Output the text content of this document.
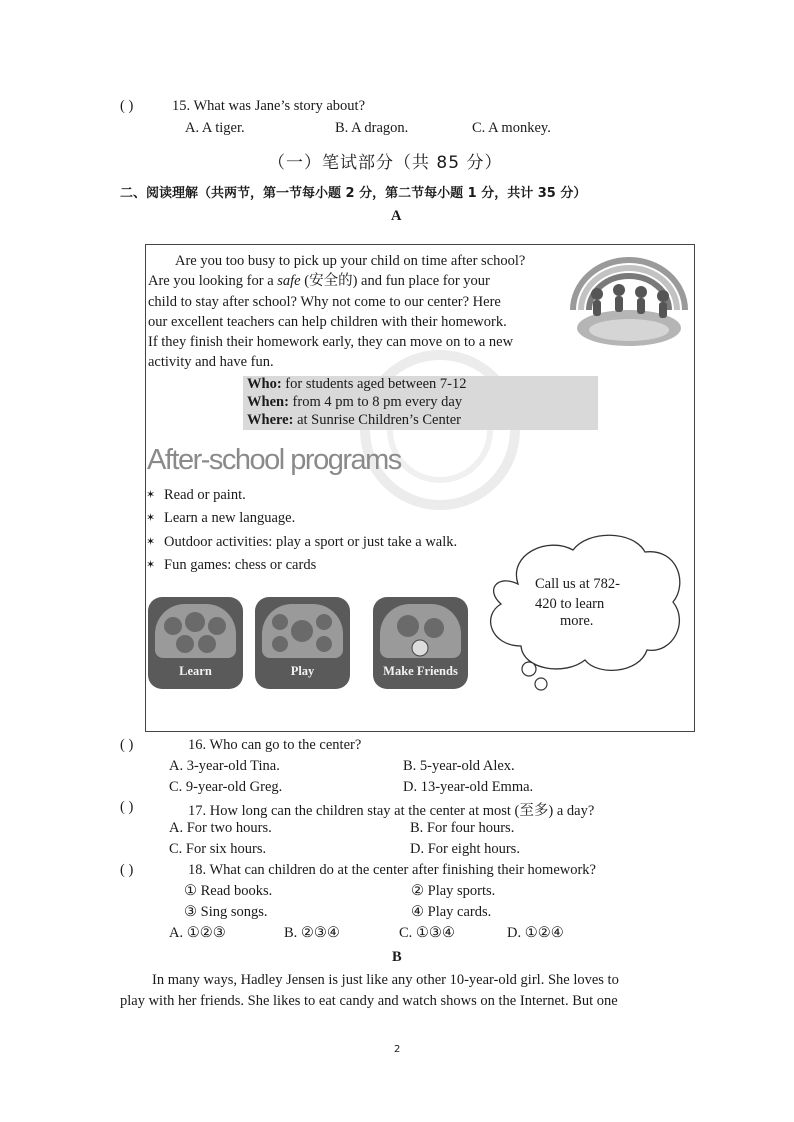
( )	15. What was Jane’s story about?
A. A tiger.	B. A dragon.	C. A monkey.
（一）笔试部分（共 85 分）
二、阅读理解（共两节，第一节每小题 2 分，第二节每小题 1 分，共计 35 分）
A
Are you too busy to pick up your child on time after school?
Are you looking for a safe (安全的) and fun place for your
child to stay after school? Why not come to our center? Here
our excellent teachers can help children with their homework.
If they finish their homework early, they can move on to a new
activity and have fun.
Who: for students aged between 7-12
When: from 4 pm to 8 pm every day
Where: at Sunrise Children’s Center
After-school programs
✶ Read or paint.
✶ Learn a new language.
✶ Outdoor activities: play a sport or just take a walk.
✶ Fun games: chess or cards
Learn	Play	Make Friends
Call us at 782-
420 to learn
more.
( )	16. Who can go to the center?
A. 3-year-old Tina.	B. 5-year-old Alex.
C. 9-year-old Greg.	D. 13-year-old Emma.
( )	17. How long can the children stay at the center at most (至多) a day?
A. For two hours.	B. For four hours.
C. For six hours.	D. For eight hours.
( )	18. What can children do at the center after finishing their homework?
① Read books.	② Play sports.
③ Sing songs.	④ Play cards.
A. ①②③	B. ②③④	C. ①③④	D. ①②④
B
In many ways, Hadley Jensen is just like any other 10-year-old girl. She loves to
play with her friends. She likes to eat candy and watch shows on the Internet. But one
2
